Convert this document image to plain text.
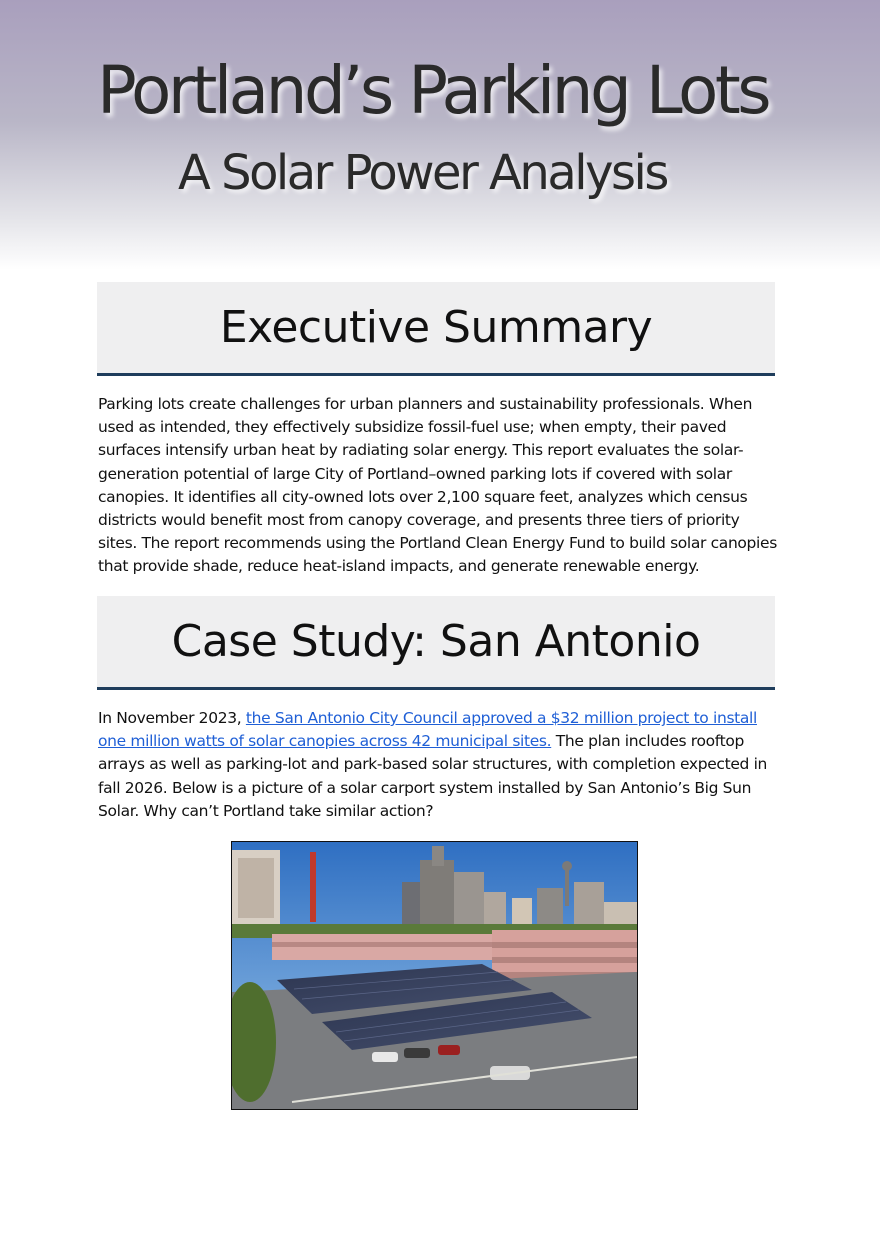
Portland’s Parking Lots
A Solar Power Analysis
Executive Summary

Parking lots create challenges for urban planners and sustainability professionals. When used as intended, they effectively subsidize fossil-fuel use; when empty, their paved surfaces intensify urban heat by radiating solar energy. This report evaluates the solar-generation potential of large City of Portland–owned parking lots if covered with solar canopies. It identifies all city-owned lots over 2,100 square feet, analyzes which census districts would benefit most from canopy coverage, and presents three tiers of priority sites. The report recommends using the Portland Clean Energy Fund to build solar canopies that provide shade, reduce heat-island impacts, and generate renewable energy.

Case Study: San Antonio

In November 2023, the San Antonio City Council approved a $32 million project to install one million watts of solar canopies across 42 municipal sites. The plan includes rooftop arrays as well as parking-lot and park-based solar structures, with completion expected in fall 2026. Below is a picture of a solar carport system installed by San Antonio’s Big Sun Solar. Why can’t Portland take similar action?
